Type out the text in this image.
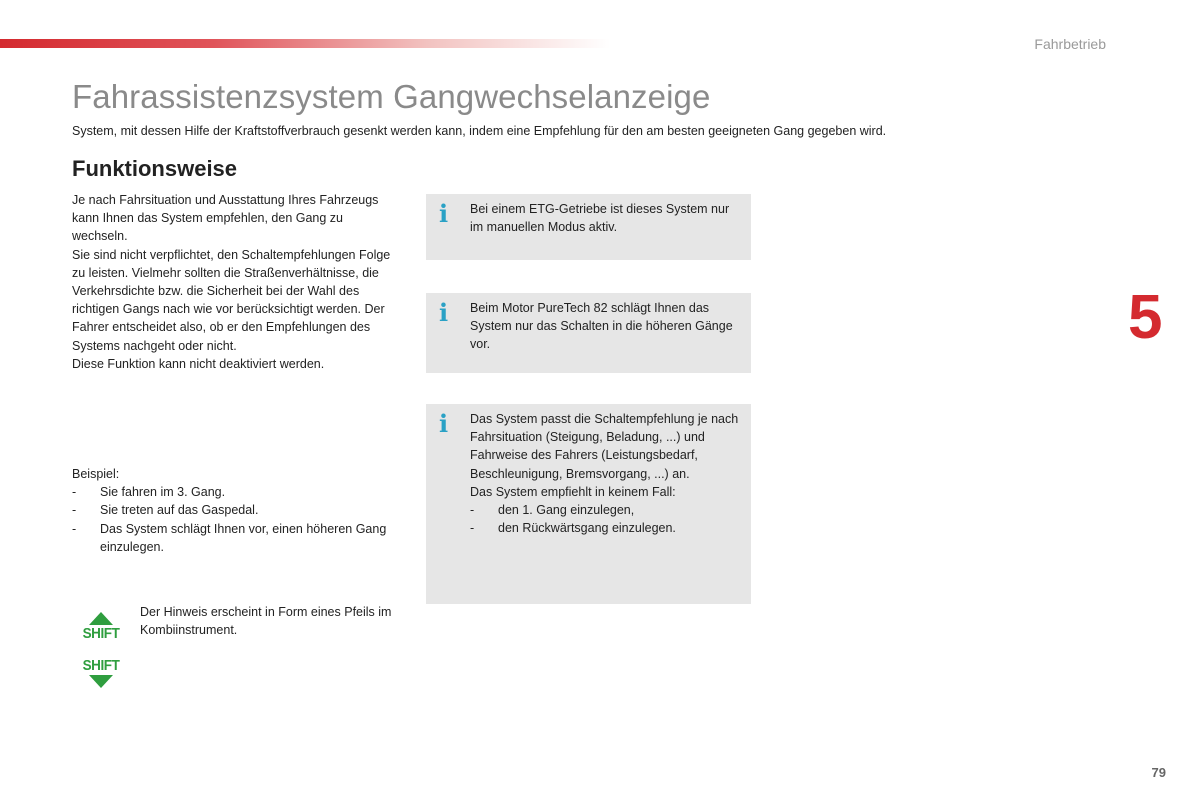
Fahrbetrieb
Fahrassistenzsystem Gangwechselanzeige

System, mit dessen Hilfe der Kraftstoffverbrauch gesenkt werden kann, indem eine Empfehlung für den am besten geeigneten Gang gegeben wird.

Funktionsweise

Je nach Fahrsituation und Ausstattung Ihres Fahrzeugs kann Ihnen das System empfehlen, den Gang zu wechseln.

Sie sind nicht verpflichtet, den Schaltempfehlungen Folge zu leisten. Vielmehr sollten die Straßenverhältnisse, die Verkehrsdichte bzw. die Sicherheit bei der Wahl des richtigen Gangs nach wie vor berücksichtigt werden. Der Fahrer entscheidet also, ob er den Empfehlungen des Systems nachgeht oder nicht.

Diese Funktion kann nicht deaktiviert werden.

Beispiel:

- Sie fahren im 3. Gang.
- Sie treten auf das Gaspedal.
- Das System schlägt Ihnen vor, einen höheren Gang einzulegen.
SHIFT
SHIFT

Der Hinweis erscheint in Form eines Pfeils im Kombiinstrument.

i Bei einem ETG-Getriebe ist dieses System nur im manuellen Modus aktiv.

i Beim Motor PureTech 82 schlägt Ihnen das System nur das Schalten in die höheren Gänge vor.

i Das System passt die Schaltempfehlung je nach Fahrsituation (Steigung, Beladung, ...) und Fahrweise des Fahrers (Leistungsbedarf, Beschleunigung, Bremsvorgang, ...) an.

Das System empfiehlt in keinem Fall:

- den 1. Gang einzulegen,
- den Rückwärtsgang einzulegen.
5
79
